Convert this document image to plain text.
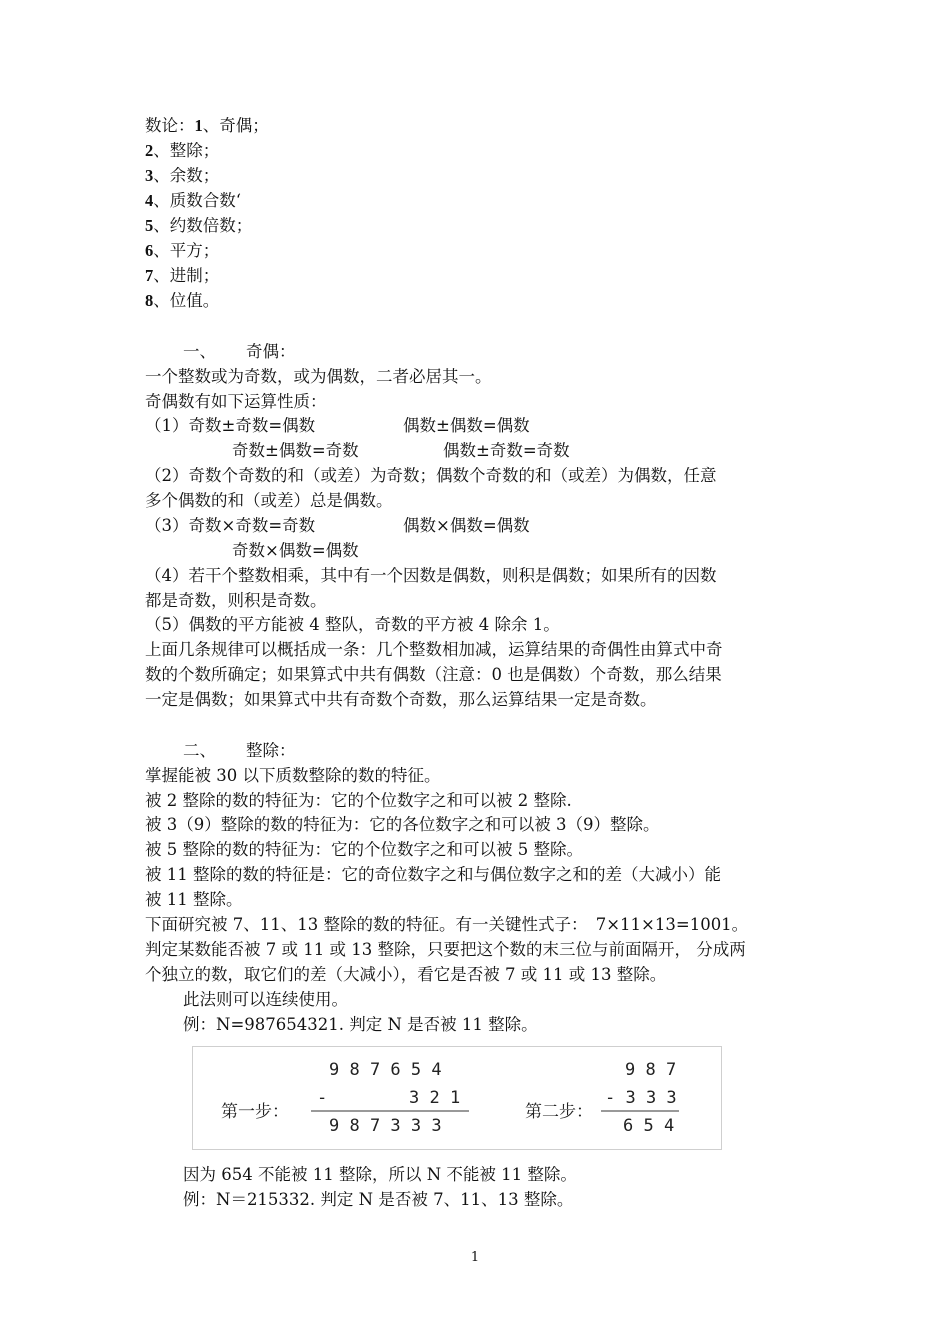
数论：1、奇偶；
2、整除；
3、余数；
4、质数合数‘
5、约数倍数；
6、平方；
7、进制；
8、位值。
一、 奇偶：
一个整数或为奇数，或为偶数，二者必居其一。
奇偶数有如下运算性质：
（1）奇数±奇数=偶数	偶数±偶数=偶数
奇数±偶数=奇数	偶数±奇数=奇数
（2）奇数个奇数的和（或差）为奇数；偶数个奇数的和（或差）为偶数，任意
多个偶数的和（或差）总是偶数。
（3）奇数×奇数=奇数	偶数×偶数=偶数
奇数×偶数=偶数
（4）若干个整数相乘，其中有一个因数是偶数，则积是偶数；如果所有的因数
都是奇数，则积是奇数。
（5）偶数的平方能被 4 整队，奇数的平方被 4 除余 1。
上面几条规律可以概括成一条：几个整数相加减，运算结果的奇偶性由算式中奇
数的个数所确定；如果算式中共有偶数（注意：0 也是偶数）个奇数，那么结果
一定是偶数；如果算式中共有奇数个奇数，那么运算结果一定是奇数。
二、 整除：
掌握能被 30 以下质数整除的数的特征。
被 2 整除的数的特征为：它的个位数字之和可以被 2 整除.
被 3（9）整除的数的特征为：它的各位数字之和可以被 3（9）整除。
被 5 整除的数的特征为：它的个位数字之和可以被 5 整除。
被 11 整除的数的特征是：它的奇位数字之和与偶位数字之和的差（大减小）能
被 11 整除。
下面研究被 7、11、13 整除的数的特征。有一关键性式子：　7×11×13=1001。
判定某数能否被 7 或 11 或 13 整除，只要把这个数的末三位与前面隔开， 分成两
个独立的数，取它们的差（大减小），看它是否被 7 或 11 或 13 整除。
此法则可以连续使用。
例：N=987654321. 判定 N 是否被 11 整除。
第一步：
9 8 7 6 5 4
-	3 2 1
9 8 7 3 3 3
第二步：
9 8 7
- 3 3 3
6 5 4
因为 654 不能被 11 整除，所以 N 不能被 11 整除。
例：N＝215332. 判定 N 是否被 7、11、13 整除。
1
